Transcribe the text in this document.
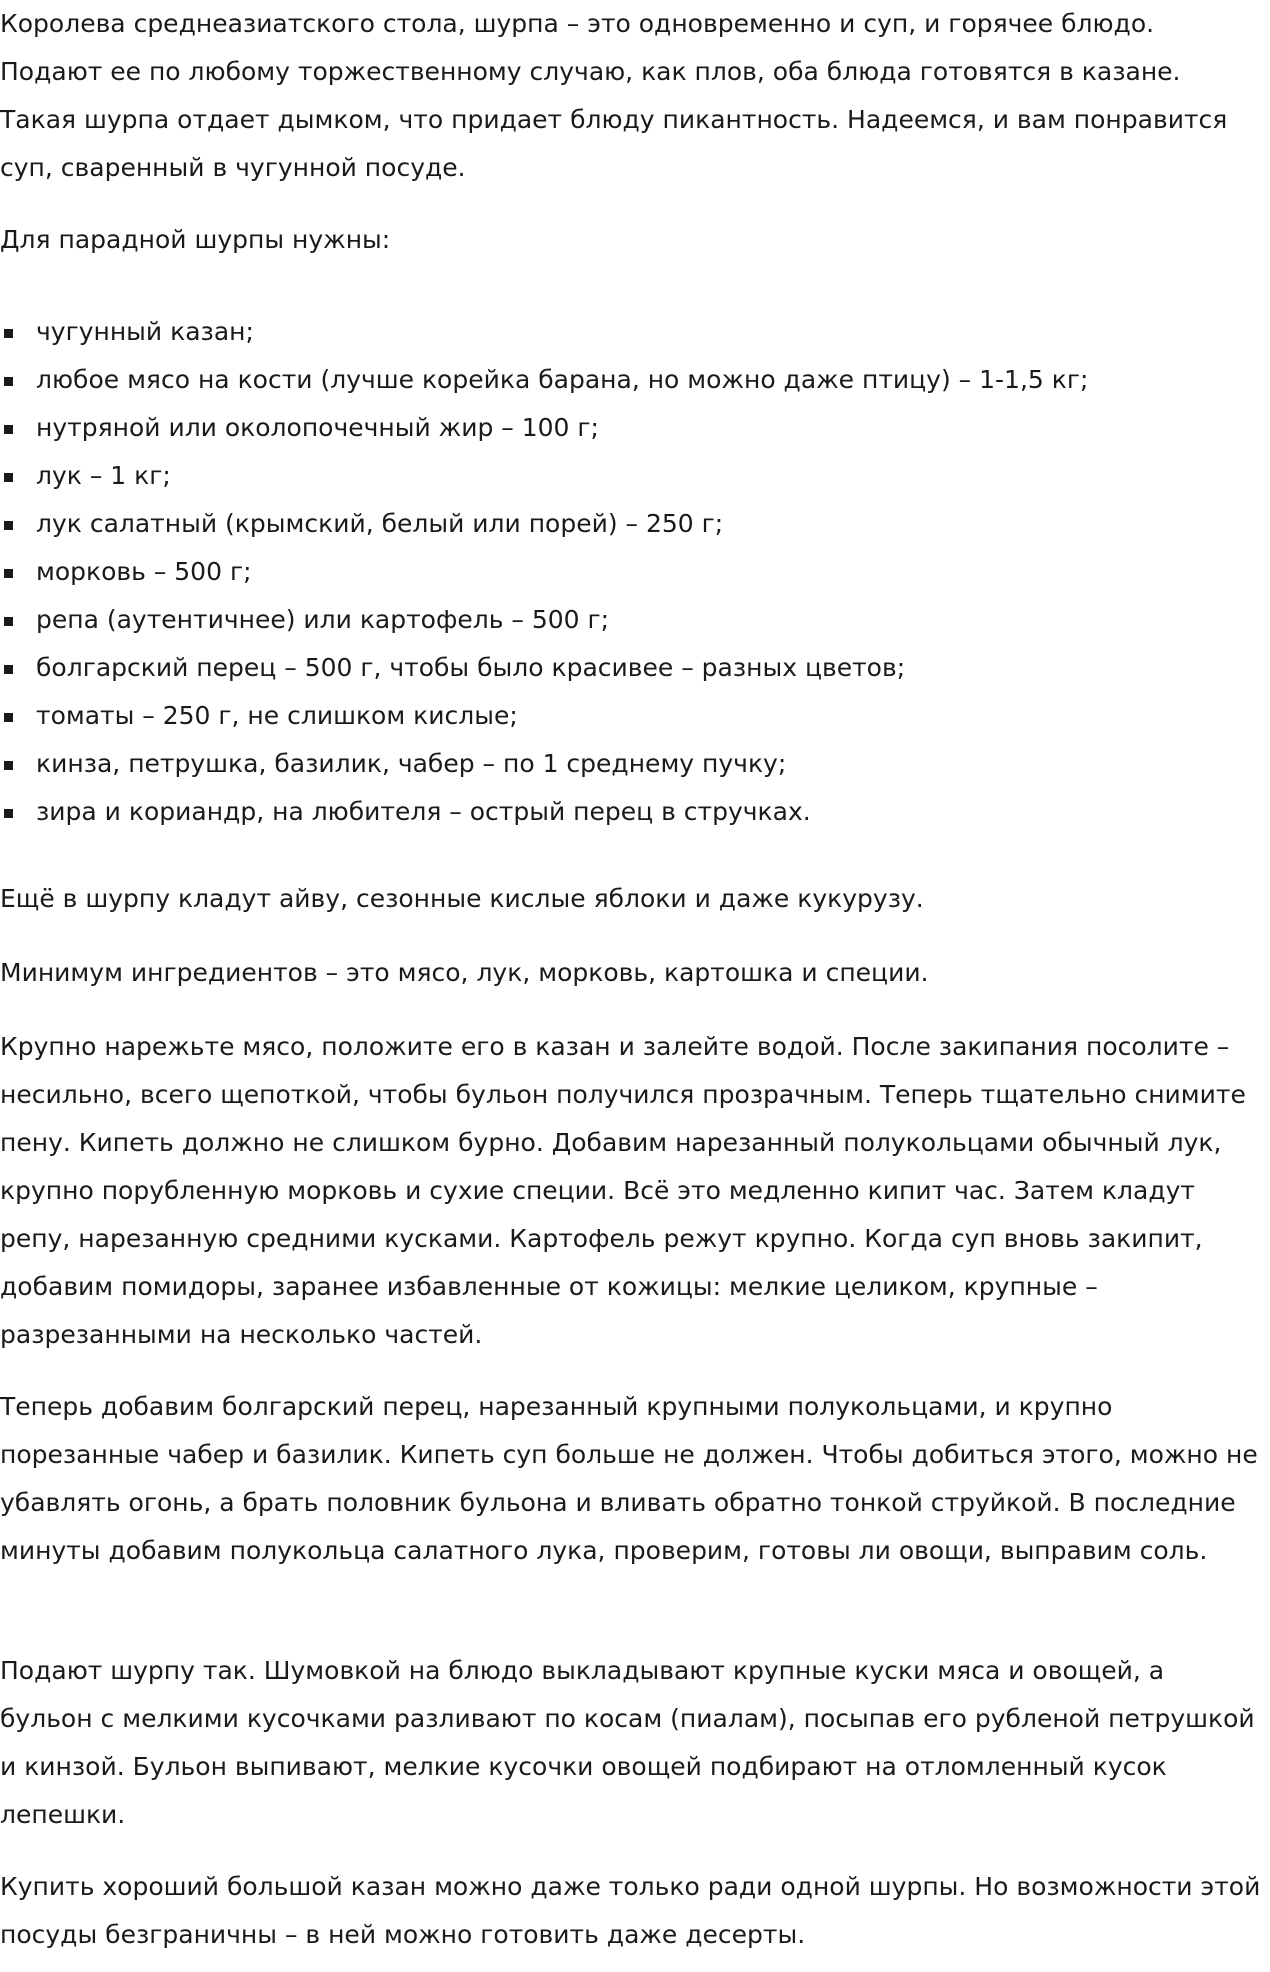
Королева среднеазиатского стола, шурпа – это одновременно и суп, и горячее блюдо. Подают ее по любому торжественному случаю, как плов, оба блюда готовятся в казане. Такая шурпа отдает дымком, что придает блюду пикантность. Надеемся, и вам понравится суп, сваренный в чугунной посуде.

Для парадной шурпы нужны:

чугунный казан;
любое мясо на кости (лучше корейка барана, но можно даже птицу) – 1-1,5 кг;
нутряной или околопочечный жир – 100 г;
лук – 1 кг;
лук салатный (крымский, белый или порей) – 250 г;
морковь – 500 г;
репа (аутентичнее) или картофель – 500 г;
болгарский перец – 500 г, чтобы было красивее – разных цветов;
томаты – 250 г, не слишком кислые;
кинза, петрушка, базилик, чабер – по 1 среднему пучку;
зира и кориандр, на любителя – острый перец в стручках.

Ещё в шурпу кладут айву, сезонные кислые яблоки и даже кукурузу.

Минимум ингредиентов – это мясо, лук, морковь, картошка и специи.

Крупно нарежьте мясо, положите его в казан и залейте водой. После закипания посолите – несильно, всего щепоткой, чтобы бульон получился прозрачным. Теперь тщательно снимите пену. Кипеть должно не слишком бурно. Добавим нарезанный полукольцами обычный лук, крупно порубленную морковь и сухие специи. Всё это медленно кипит час. Затем кладут репу, нарезанную средними кусками. Картофель режут крупно. Когда суп вновь закипит, добавим помидоры, заранее избавленные от кожицы: мелкие целиком, крупные – разрезанными на несколько частей.

Теперь добавим болгарский перец, нарезанный крупными полукольцами, и крупно порезанные чабер и базилик. Кипеть суп больше не должен. Чтобы добиться этого, можно не убавлять огонь, а брать половник бульона и вливать обратно тонкой струйкой. В последние минуты добавим полукольца салатного лука, проверим, готовы ли овощи, выправим соль.

Подают шурпу так. Шумовкой на блюдо выкладывают крупные куски мяса и овощей, а бульон с мелкими кусочками разливают по косам (пиалам), посыпав его рубленой петрушкой и кинзой. Бульон выпивают, мелкие кусочки овощей подбирают на отломленный кусок лепешки.

Купить хороший большой казан можно даже только ради одной шурпы. Но возможности этой посуды безграничны – в ней можно готовить даже десерты.
